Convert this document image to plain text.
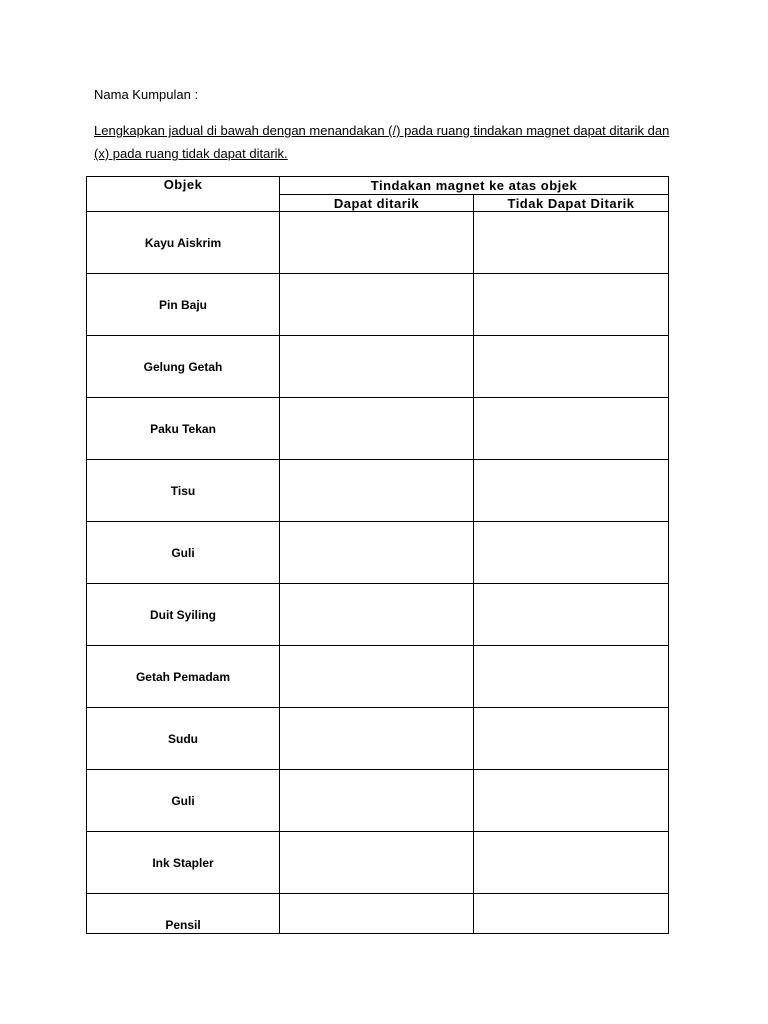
Nama Kumpulan :
Lengkapkan jadual di bawah dengan menandakan (/) pada ruang tindakan magnet dapat ditarik dan (x) pada ruang tidak dapat ditarik.
Objek	Tindakan magnet ke atas objek	
	Dapat ditarik	Tidak Dapat Ditarik
Kayu Aiskrim		
Pin Baju		
Gelung Getah		
Paku Tekan		
Tisu		
Guli		
Duit Syiling		
Getah Pemadam		
Sudu		
Guli		
Ink Stapler		
Pensil		
